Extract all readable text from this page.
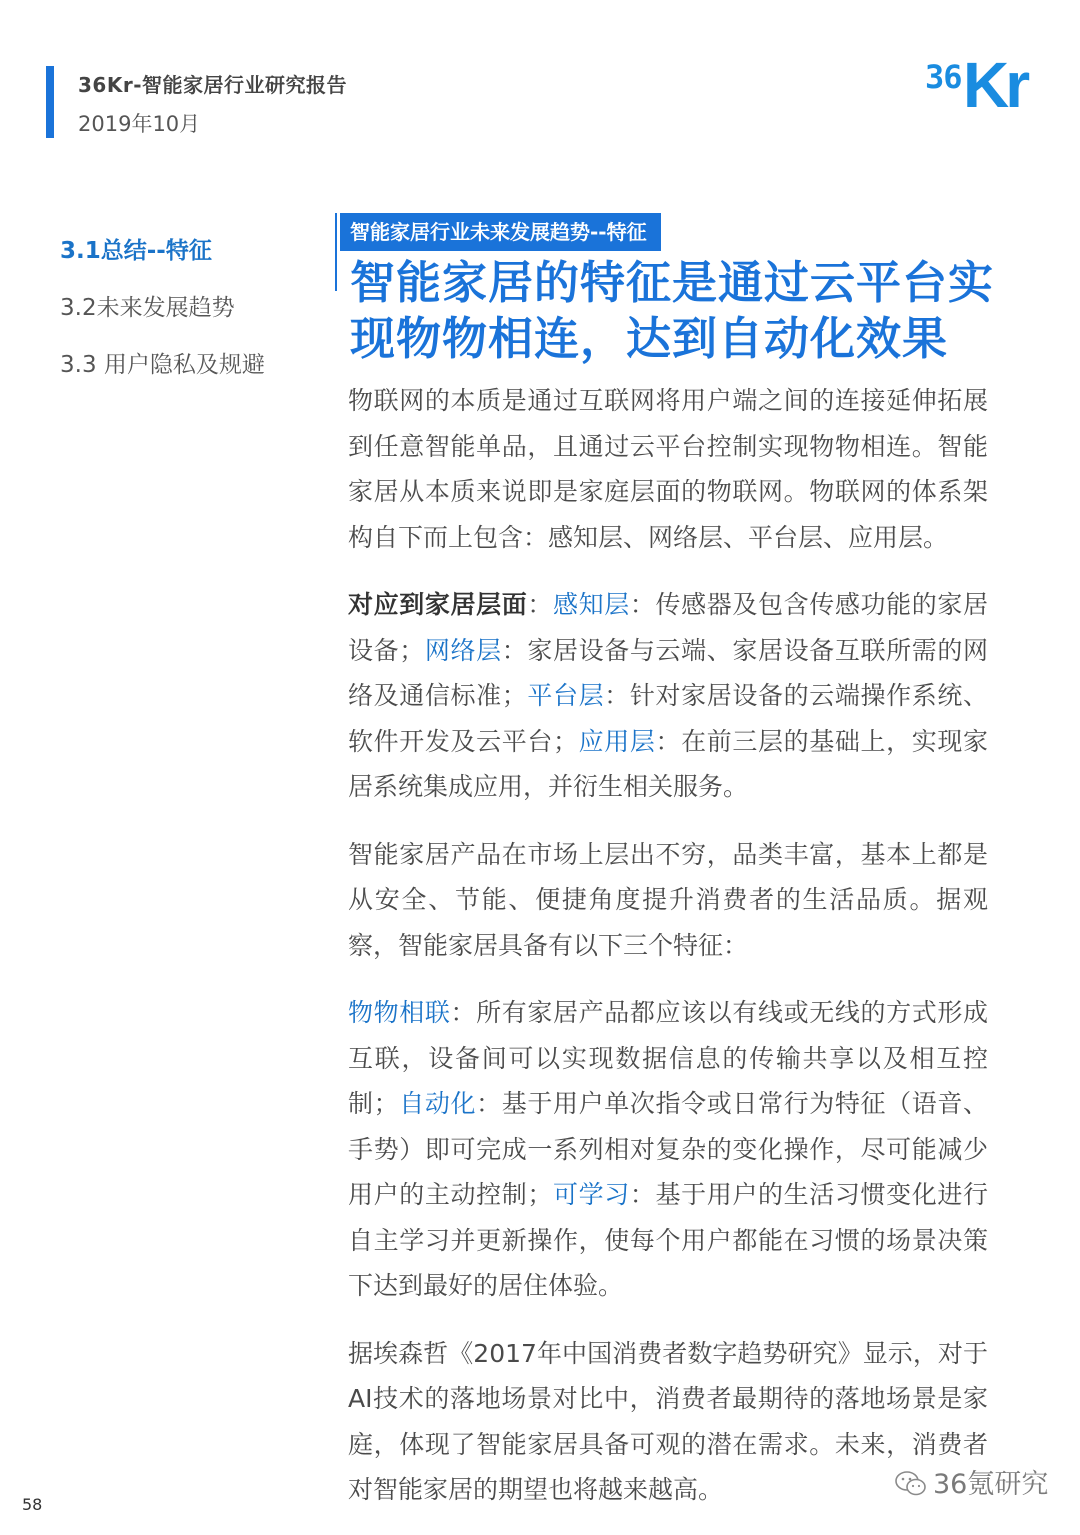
36Kr-智能家居行业研究报告
2019年10月
36 Kr
3.1总结--特征
3.2未来发展趋势
3.3 用户隐私及规避
智能家居行业未来发展趋势--特征
智能家居的特征是通过云平台实现物物相连，达到自动化效果

物联网的本质是通过互联网将用户端之间的连接延伸拓展到任意智能单品，且通过云平台控制实现物物相连。智能家居从本质来说即是家庭层面的物联网。物联网的体系架构自下而上包含：感知层、网络层、平台层、应用层。

对应到家居层面：感知层：传感器及包含传感功能的家居设备；网络层：家居设备与云端、家居设备互联所需的网络及通信标准；平台层：针对家居设备的云端操作系统、软件开发及云平台；应用层：在前三层的基础上，实现家居系统集成应用，并衍生相关服务。

智能家居产品在市场上层出不穷，品类丰富，基本上都是从安全、节能、便捷角度提升消费者的生活品质。据观察，智能家居具备有以下三个特征：

物物相联：所有家居产品都应该以有线或无线的方式形成互联，设备间可以实现数据信息的传输共享以及相互控制；自动化：基于用户单次指令或日常行为特征（语音、手势）即可完成一系列相对复杂的变化操作，尽可能减少用户的主动控制；可学习：基于用户的生活习惯变化进行自主学习并更新操作，使每个用户都能在习惯的场景决策下达到最好的居住体验。

据埃森哲《2017年中国消费者数字趋势研究》显示，对于AI技术的落地场景对比中，消费者最期待的落地场景是家庭，体现了智能家居具备可观的潜在需求。未来，消费者对智能家居的期望也将越来越高。

58
36氪研究
